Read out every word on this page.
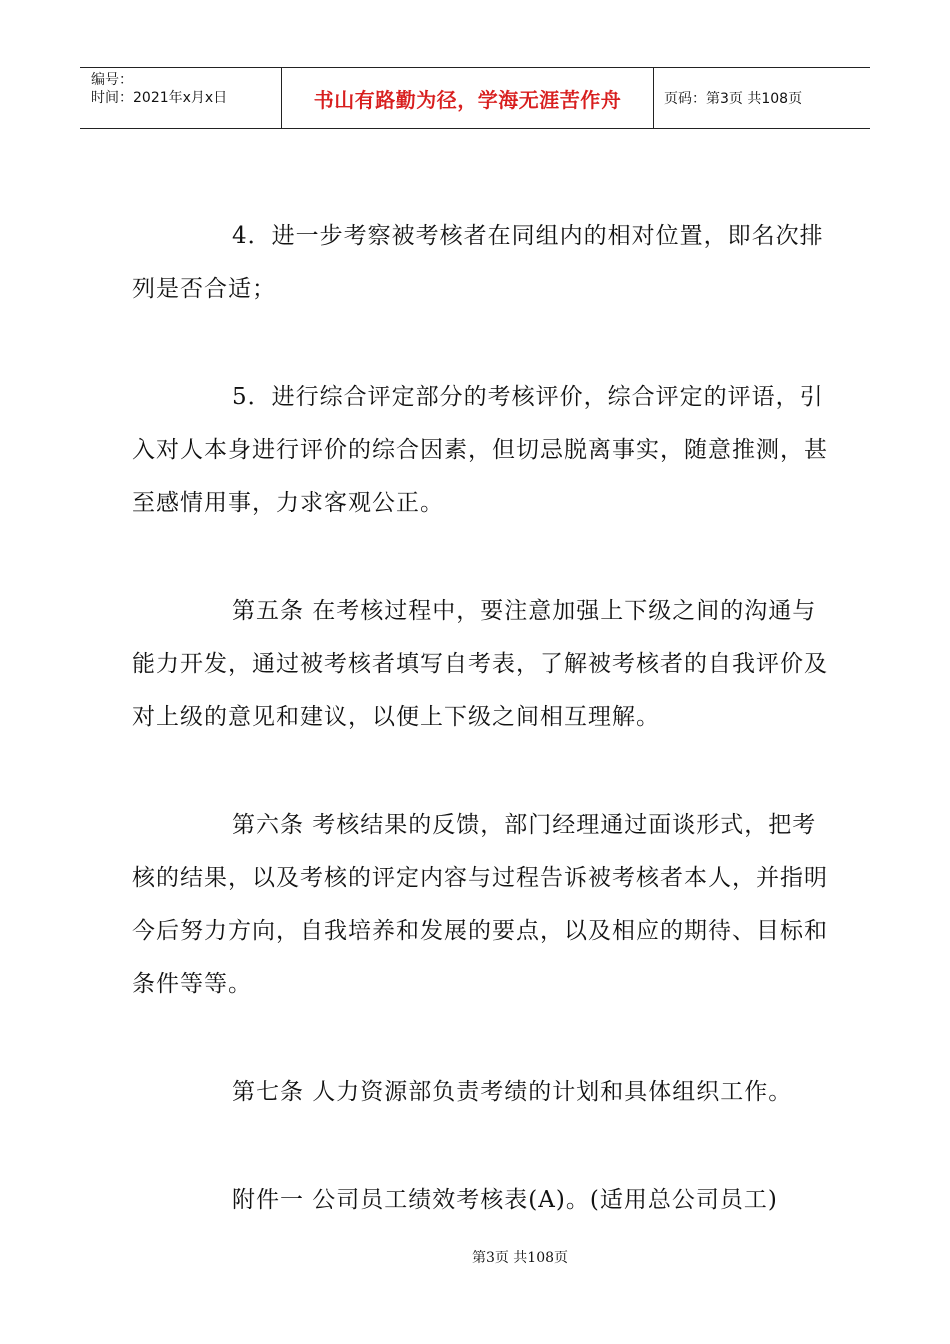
编号：
时间：2021年x月x日	书山有路勤为径，学海无涯苦作舟	页码：第3页 共108页

4．进一步考察被考核者在同组内的相对位置，即名次排列是否合适；

5．进行综合评定部分的考核评价，综合评定的评语，引入对人本身进行评价的综合因素，但切忌脱离事实，随意推测，甚至感情用事，力求客观公正。

第五条 在考核过程中，要注意加强上下级之间的沟通与能力开发，通过被考核者填写自考表，了解被考核者的自我评价及对上级的意见和建议，以便上下级之间相互理解。

第六条 考核结果的反馈，部门经理通过面谈形式，把考核的结果，以及考核的评定内容与过程告诉被考核者本人，并指明今后努力方向，自我培养和发展的要点，以及相应的期待、目标和条件等等。

第七条 人力资源部负责考绩的计划和具体组织工作。

附件一 公司员工绩效考核表(A)。(适用总公司员工)

第3页 共108页
